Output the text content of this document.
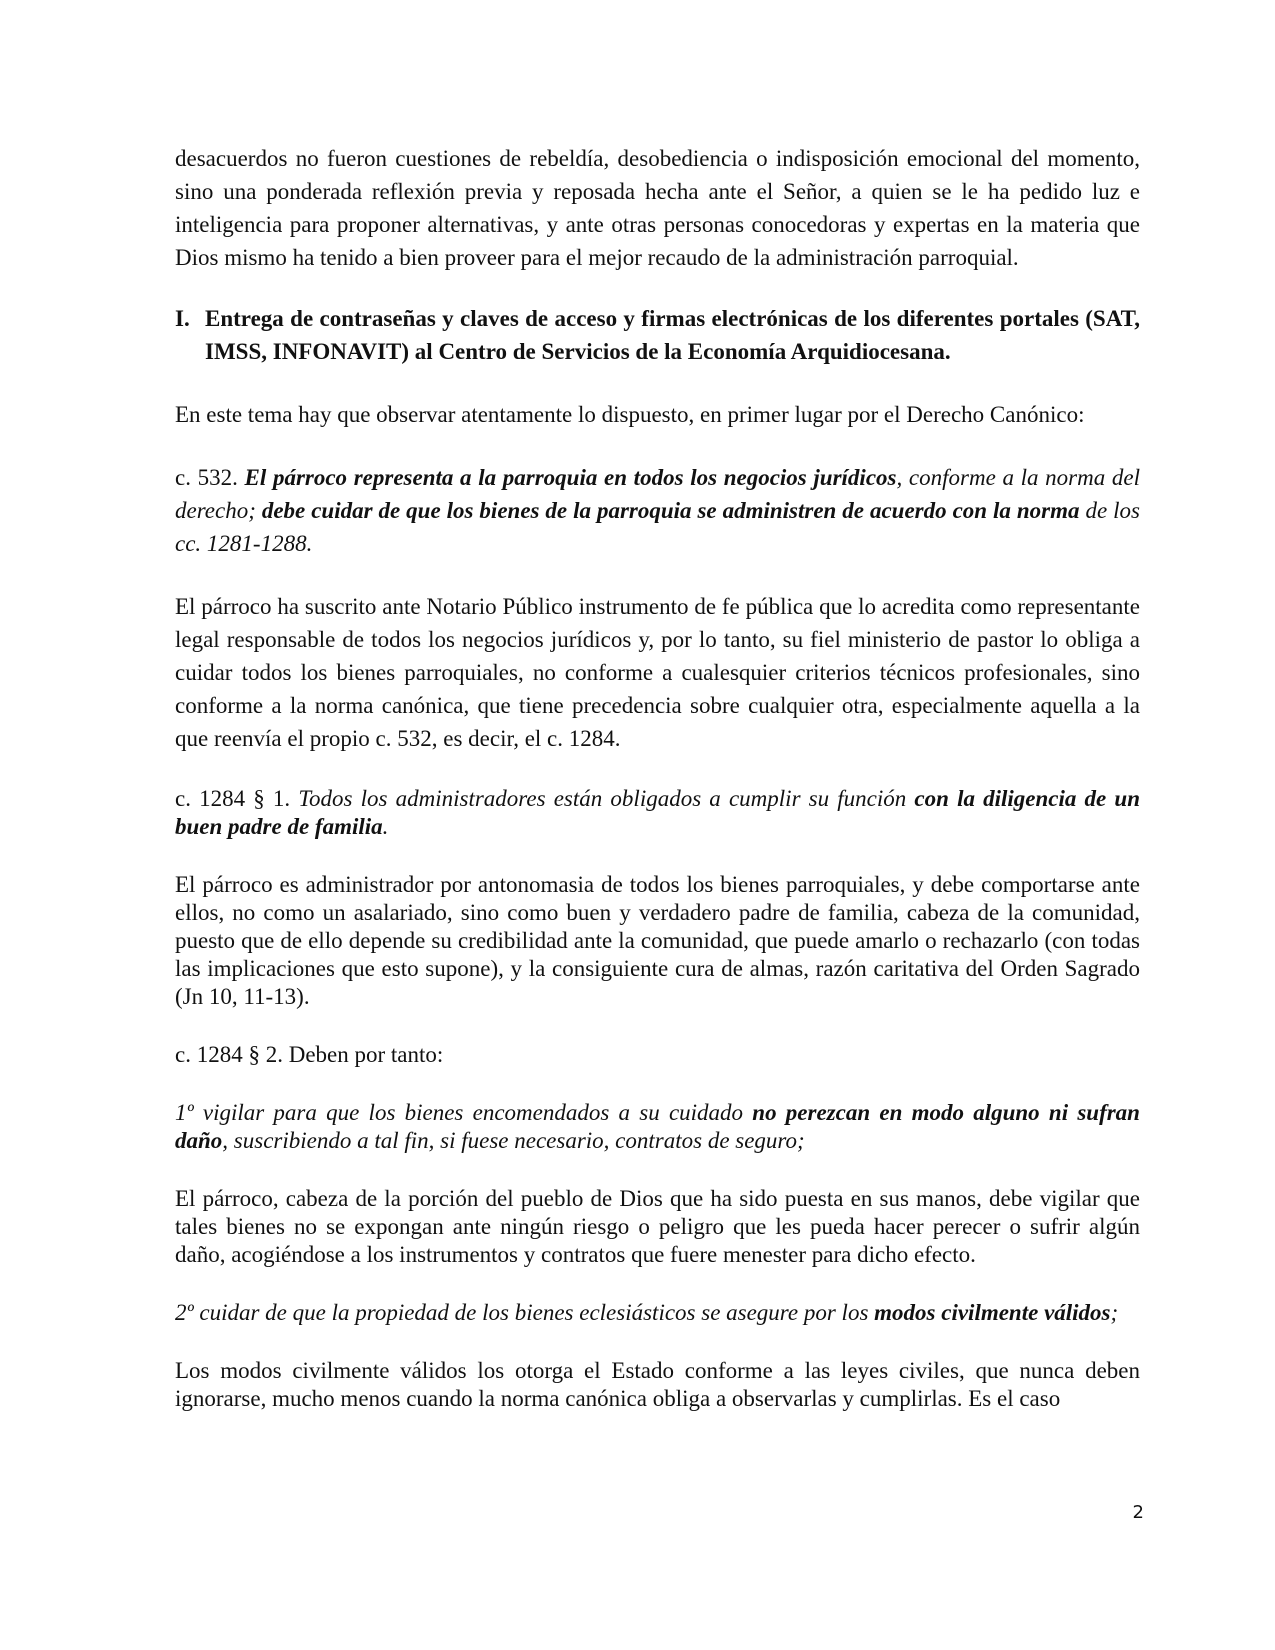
desacuerdos no fueron cuestiones de rebeldía, desobediencia o indisposición emocional del momento, sino una ponderada reflexión previa y reposada hecha ante el Señor, a quien se le ha pedido luz e inteligencia para proponer alternativas, y ante otras personas conocedoras y expertas en la materia que Dios mismo ha tenido a bien proveer para el mejor recaudo de la administración parroquial.

I. Entrega de contraseñas y claves de acceso y firmas electrónicas de los diferentes portales (SAT, IMSS, INFONAVIT) al Centro de Servicios de la Economía Arquidiocesana.

En este tema hay que observar atentamente lo dispuesto, en primer lugar por el Derecho Canónico:

c. 532. El párroco representa a la parroquia en todos los negocios jurídicos, conforme a la norma del derecho; debe cuidar de que los bienes de la parroquia se administren de acuerdo con la norma de los cc. 1281-1288.

El párroco ha suscrito ante Notario Público instrumento de fe pública que lo acredita como representante legal responsable de todos los negocios jurídicos y, por lo tanto, su fiel ministerio de pastor lo obliga a cuidar todos los bienes parroquiales, no conforme a cualesquier criterios técnicos profesionales, sino conforme a la norma canónica, que tiene precedencia sobre cualquier otra, especialmente aquella a la que reenvía el propio c. 532, es decir, el c. 1284.

c. 1284 § 1. Todos los administradores están obligados a cumplir su función con la diligencia de un buen padre de familia.

El párroco es administrador por antonomasia de todos los bienes parroquiales, y debe comportarse ante ellos, no como un asalariado, sino como buen y verdadero padre de familia, cabeza de la comunidad, puesto que de ello depende su credibilidad ante la comunidad, que puede amarlo o rechazarlo (con todas las implicaciones que esto supone), y la consiguiente cura de almas, razón caritativa del Orden Sagrado (Jn 10, 11-13).

c. 1284 § 2. Deben por tanto:

1º vigilar para que los bienes encomendados a su cuidado no perezcan en modo alguno ni sufran daño, suscribiendo a tal fin, si fuese necesario, contratos de seguro;

El párroco, cabeza de la porción del pueblo de Dios que ha sido puesta en sus manos, debe vigilar que tales bienes no se expongan ante ningún riesgo o peligro que les pueda hacer perecer o sufrir algún daño, acogiéndose a los instrumentos y contratos que fuere menester para dicho efecto.

2º cuidar de que la propiedad de los bienes eclesiásticos se asegure por los modos civilmente válidos;

Los modos civilmente válidos los otorga el Estado conforme a las leyes civiles, que nunca deben ignorarse, mucho menos cuando la norma canónica obliga a observarlas y cumplirlas. Es el caso

2
